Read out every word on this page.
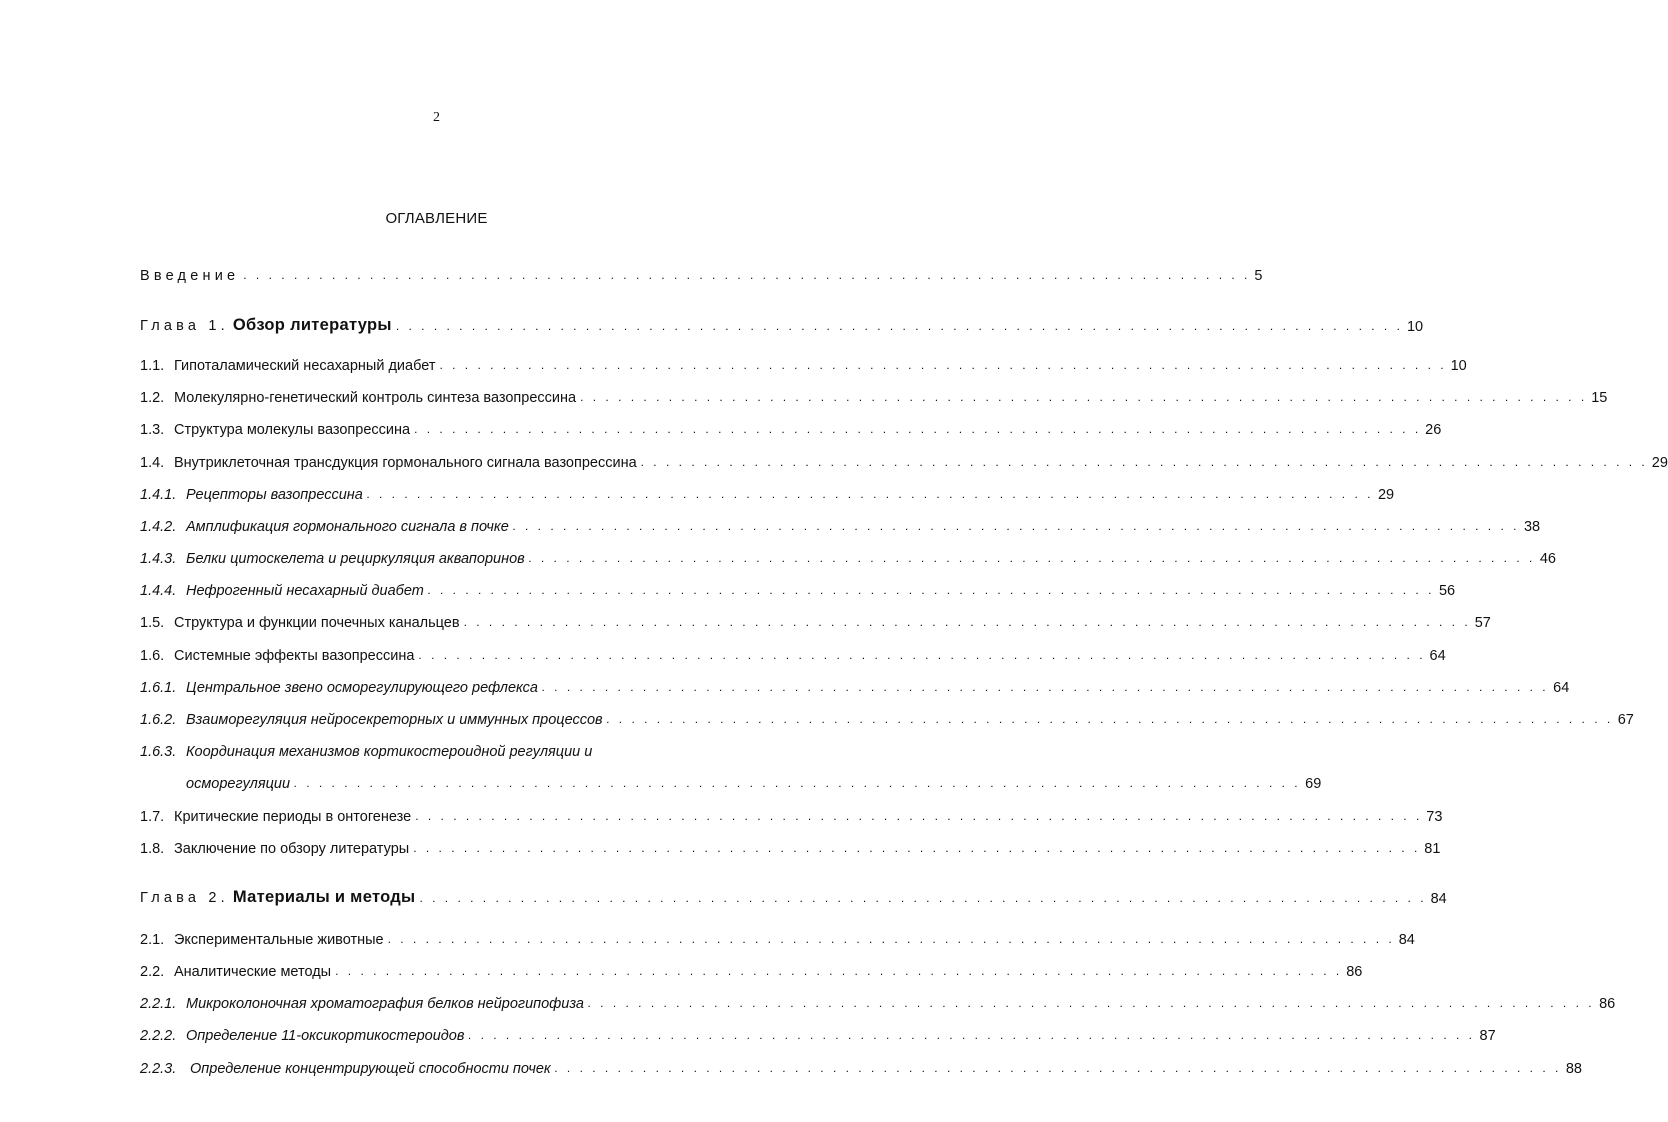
2
ОГЛАВЛЕНИЕ
Введение . . . . . . . . . . . . . . . . . . . . . . . . . . . . . . . . . . . . . . . . . . . . . . . . . . . . . . . . . . . . . . . . . . . . . . . . . . . . . . . . 5
Глава 1. Обзор литературы . . . . . . . . . . . . . . . . . . . . . . . . . . . . . . . . . . . . . . . . . . . . . . . . . . . . . . . . . . . . . . . . . . . . . . . . . . . . . . . . 10
1.1. Гипоталамический несахарный диабет . . . . . . . . . . . . . . . . . . . . . . . . . . . . . . . . . . . . . . . . . . . . . . . . . . . . . . . . . . . . . . . . . . . . . . . . . . . . . . . . 10
1.2. Молекулярно-генетический контроль синтеза вазопрессина . . . . . . . . . . . . . . . . . . . . . . . . . . . . . . . . . . . . . . . . . . . . . . . . . . . . . . . . . . . . . . . . . . . . . . . . . . . . . . . . 15
1.3. Структура молекулы вазопрессина . . . . . . . . . . . . . . . . . . . . . . . . . . . . . . . . . . . . . . . . . . . . . . . . . . . . . . . . . . . . . . . . . . . . . . . . . . . . . . . . 26
1.4. Внутриклеточная трансдукция гормонального сигнала вазопрессина . . . . . . . . . . . . . . . . . . . . . . . . . . . . . . . . . . . . . . . . . . . . . . . . . . . . . . . . . . . . . . . . . . . . . . . . . . . . . . . . 29
1.4.1. Рецепторы вазопрессина . . . . . . . . . . . . . . . . . . . . . . . . . . . . . . . . . . . . . . . . . . . . . . . . . . . . . . . . . . . . . . . . . . . . . . . . . . . . . . . . 29
1.4.2. Амплификация гормонального сигнала в почке . . . . . . . . . . . . . . . . . . . . . . . . . . . . . . . . . . . . . . . . . . . . . . . . . . . . . . . . . . . . . . . . . . . . . . . . . . . . . . . . 38
1.4.3. Белки цитоскелета и рециркуляция аквапоринов . . . . . . . . . . . . . . . . . . . . . . . . . . . . . . . . . . . . . . . . . . . . . . . . . . . . . . . . . . . . . . . . . . . . . . . . . . . . . . . . 46
1.4.4. Нефрогенный несахарный диабет . . . . . . . . . . . . . . . . . . . . . . . . . . . . . . . . . . . . . . . . . . . . . . . . . . . . . . . . . . . . . . . . . . . . . . . . . . . . . . . . 56
1.5. Структура и функции почечных канальцев . . . . . . . . . . . . . . . . . . . . . . . . . . . . . . . . . . . . . . . . . . . . . . . . . . . . . . . . . . . . . . . . . . . . . . . . . . . . . . . . 57
1.6. Системные эффекты вазопрессина . . . . . . . . . . . . . . . . . . . . . . . . . . . . . . . . . . . . . . . . . . . . . . . . . . . . . . . . . . . . . . . . . . . . . . . . . . . . . . . . 64
1.6.1. Центральное звено осморегулирующего рефлекса . . . . . . . . . . . . . . . . . . . . . . . . . . . . . . . . . . . . . . . . . . . . . . . . . . . . . . . . . . . . . . . . . . . . . . . . . . . . . . . . 64
1.6.2. Взаиморегуляция нейросекреторных и иммунных процессов . . . . . . . . . . . . . . . . . . . . . . . . . . . . . . . . . . . . . . . . . . . . . . . . . . . . . . . . . . . . . . . . . . . . . . . . . . . . . . . . 67
1.6.3. Координация механизмов кортикостероидной регуляции и
осморегуляции . . . . . . . . . . . . . . . . . . . . . . . . . . . . . . . . . . . . . . . . . . . . . . . . . . . . . . . . . . . . . . . . . . . . . . . . . . . . . . . . 69
1.7. Критические периоды в онтогенезе . . . . . . . . . . . . . . . . . . . . . . . . . . . . . . . . . . . . . . . . . . . . . . . . . . . . . . . . . . . . . . . . . . . . . . . . . . . . . . . . 73
1.8. Заключение по обзору литературы . . . . . . . . . . . . . . . . . . . . . . . . . . . . . . . . . . . . . . . . . . . . . . . . . . . . . . . . . . . . . . . . . . . . . . . . . . . . . . . . 81
Глава 2. Материалы и методы . . . . . . . . . . . . . . . . . . . . . . . . . . . . . . . . . . . . . . . . . . . . . . . . . . . . . . . . . . . . . . . . . . . . . . . . . . . . . . . . 84
2.1. Экспериментальные животные . . . . . . . . . . . . . . . . . . . . . . . . . . . . . . . . . . . . . . . . . . . . . . . . . . . . . . . . . . . . . . . . . . . . . . . . . . . . . . . . 84
2.2. Аналитические методы . . . . . . . . . . . . . . . . . . . . . . . . . . . . . . . . . . . . . . . . . . . . . . . . . . . . . . . . . . . . . . . . . . . . . . . . . . . . . . . . 86
2.2.1. Микроколоночная хроматография белков нейрогипофиза . . . . . . . . . . . . . . . . . . . . . . . . . . . . . . . . . . . . . . . . . . . . . . . . . . . . . . . . . . . . . . . . . . . . . . . . . . . . . . . . 86
2.2.2. Определение 11-оксикортикостероидов . . . . . . . . . . . . . . . . . . . . . . . . . . . . . . . . . . . . . . . . . . . . . . . . . . . . . . . . . . . . . . . . . . . . . . . . . . . . . . . . 87
2.2.3. Определение концентрирующей способности почек . . . . . . . . . . . . . . . . . . . . . . . . . . . . . . . . . . . . . . . . . . . . . . . . . . . . . . . . . . . . . . . . . . . . . . . . . . . . . . . . 88
